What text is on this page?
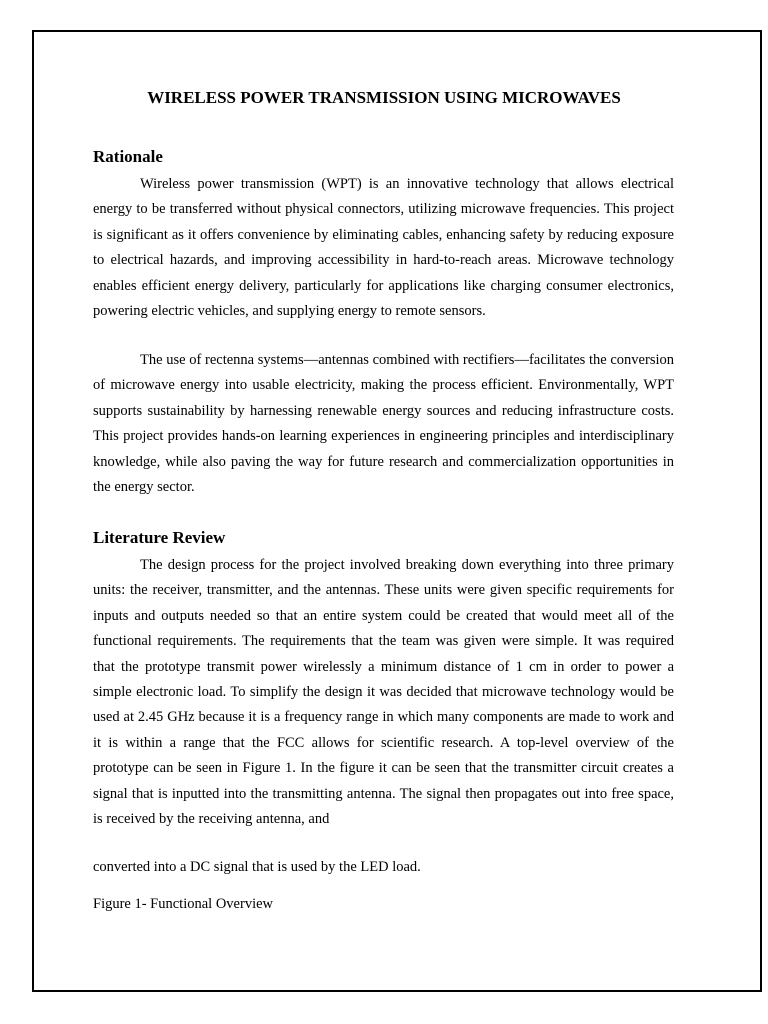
WIRELESS POWER TRANSMISSION USING MICROWAVES
Rationale

Wireless power transmission (WPT) is an innovative technology that allows electrical energy to be transferred without physical connectors, utilizing microwave frequencies. This project is significant as it offers convenience by eliminating cables, enhancing safety by reducing exposure to electrical hazards, and improving accessibility in hard-to-reach areas. Microwave technology enables efficient energy delivery, particularly for applications like charging consumer electronics, powering electric vehicles, and supplying energy to remote sensors.

The use of rectenna systems—antennas combined with rectifiers—facilitates the conversion of microwave energy into usable electricity, making the process efficient. Environmentally, WPT supports sustainability by harnessing renewable energy sources and reducing infrastructure costs. This project provides hands-on learning experiences in engineering principles and interdisciplinary knowledge, while also paving the way for future research and commercialization opportunities in the energy sector.

Literature Review

The design process for the project involved breaking down everything into three primary units: the receiver, transmitter, and the antennas. These units were given specific requirements for inputs and outputs needed so that an entire system could be created that would meet all of the functional requirements. The requirements that the team was given were simple. It was required that the prototype transmit power wirelessly a minimum distance of 1 cm in order to power a simple electronic load. To simplify the design it was decided that microwave technology would be used at 2.45 GHz because it is a frequency range in which many components are made to work and it is within a range that the FCC allows for scientific research. A top-level overview of the prototype can be seen in Figure 1. In the figure it can be seen that the transmitter circuit creates a signal that is inputted into the transmitting antenna. The signal then propagates out into free space, is received by the receiving antenna, and

converted into a DC signal that is used by the LED load.

Figure 1- Functional Overview
